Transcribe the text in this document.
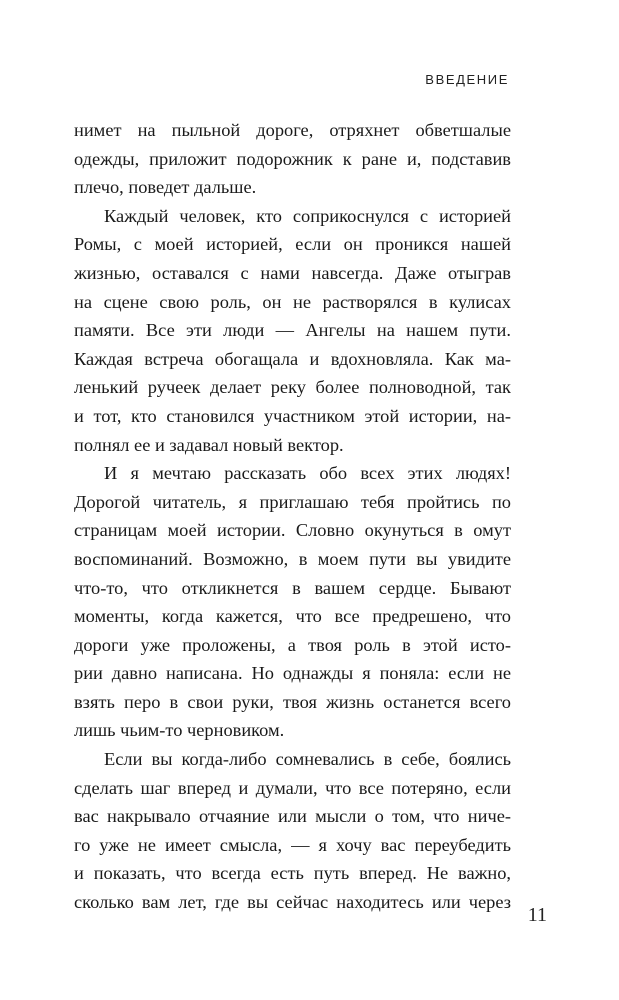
ВВЕДЕНИЕ
нимет на пыльной дороге, отряхнет обветшалые
одежды, приложит подорожник к ране и, подставив
плечо, поведет дальше.
Каждый человек, кто соприкоснулся с историей
Ромы, с моей историей, если он проникся нашей
жизнью, оставался с нами навсегда. Даже отыграв
на сцене свою роль, он не растворялся в кулисах
памяти. Все эти люди — Ангелы на нашем пути.
Каждая встреча обогащала и вдохновляла. Как ма-
ленький ручеек делает реку более полноводной, так
и тот, кто становился участником этой истории, на-
полнял ее и задавал новый вектор.
И я мечтаю рассказать обо всех этих людях!
Дорогой читатель, я приглашаю тебя пройтись по
страницам моей истории. Словно окунуться в омут
воспоминаний. Возможно, в моем пути вы увидите
что-то, что откликнется в вашем сердце. Бывают
моменты, когда кажется, что все предрешено, что
дороги уже проложены, а твоя роль в этой исто-
рии давно написана. Но однажды я поняла: если не
взять перо в свои руки, твоя жизнь останется всего
лишь чьим-то черновиком.
Если вы когда-либо сомневались в себе, боялись
сделать шаг вперед и думали, что все потеряно, если
вас накрывало отчаяние или мысли о том, что ниче-
го уже не имеет смысла, — я хочу вас переубедить
и показать, что всегда есть путь вперед. Не важно,
сколько вам лет, где вы сейчас находитесь или через
11
